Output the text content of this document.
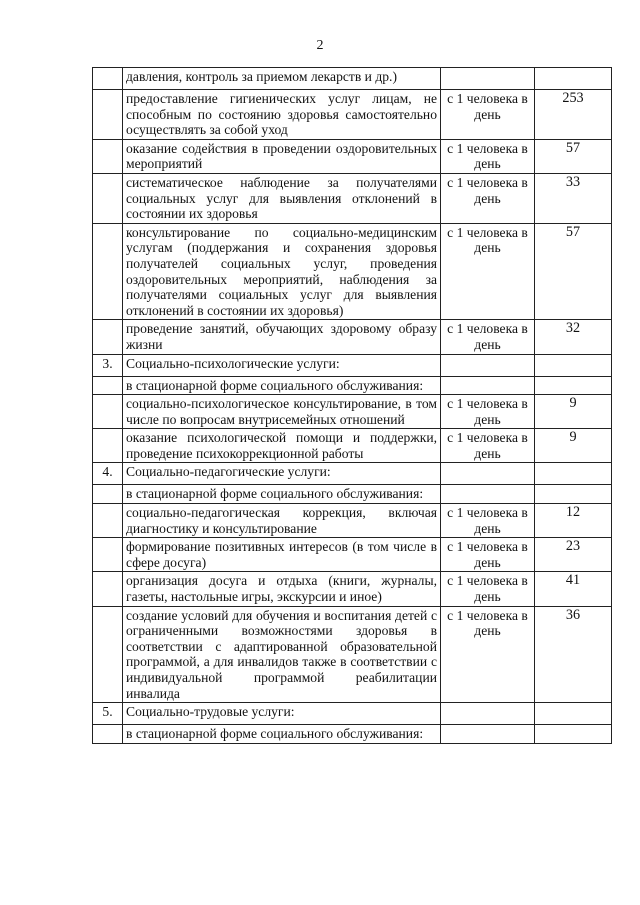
2
	давления, контроль за приемом лекарств и др.)		
	предоставление гигиенических услуг лицам, не способным по состоянию здоровья самостоятельно осуществлять за собой уход	с 1 человека в день	253
	оказание содействия в проведении оздоровительных мероприятий	с 1 человека в день	57
	систематическое наблюдение за получателями социальных услуг для выявления отклонений в состоянии их здоровья	с 1 человека в день	33
	консультирование по социально-медицинским услугам (поддержания и сохранения здоровья получателей социальных услуг, проведения оздоровительных мероприятий, наблюдения за получателями социальных услуг для выявления отклонений в состоянии их здоровья)	с 1 человека в день	57
	проведение занятий, обучающих здоровому образу жизни	с 1 человека в день	32
3.	Социально-психологические услуги:		
	в стационарной форме социального обслуживания:		
	социально-психологическое консультирование, в том числе по вопросам внутрисемейных отношений	с 1 человека в день	9
	оказание психологической помощи и поддержки, проведение психокоррекционной работы	с 1 человека в день	9
4.	Социально-педагогические услуги:		
	в стационарной форме социального обслуживания:		
	социально-педагогическая коррекция, включая диагностику и консультирование	с 1 человека в день	12
	формирование позитивных интересов (в том числе в сфере досуга)	с 1 человека в день	23
	организация досуга и отдыха (книги, журналы, газеты, настольные игры, экскурсии и иное)	с 1 человека в день	41
	создание условий для обучения и воспитания детей с ограниченными возможностями здоровья в соответствии с адаптированной образовательной программой, а для инвалидов также в соответствии с индивидуальной программой реабилитации инвалида	с 1 человека в день	36
5.	Социально-трудовые услуги:		
	в стационарной форме социального обслуживания:		
